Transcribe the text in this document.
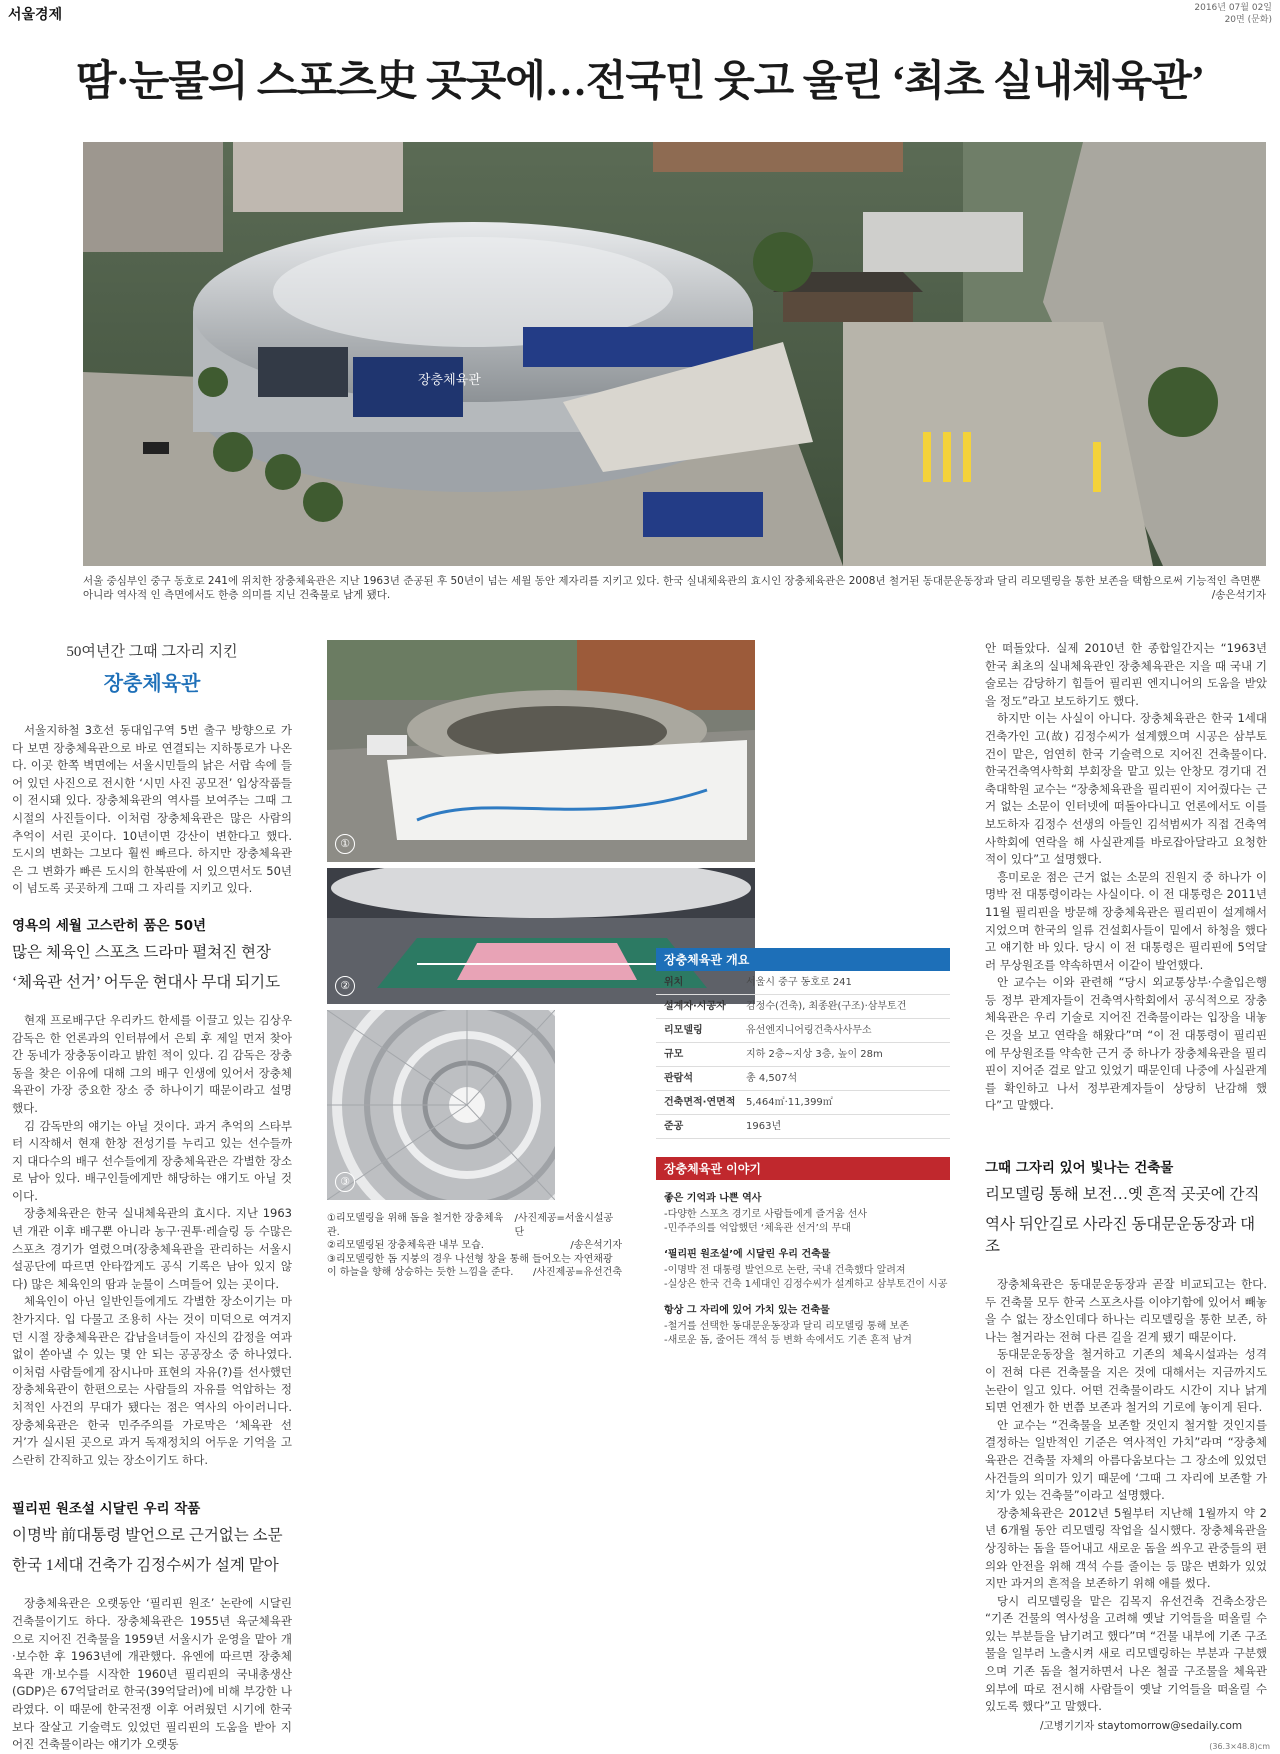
서울경제	2016년 07월 02일
20면 (문화)
땀·눈물의 스포츠史 곳곳에…전국민 웃고 울린 ‘최초 실내체육관’
장충체육관
서울 중심부인 중구 동호로 241에 위치한 장충체육관은 지난 1963년 준공된 후 50년이 넘는 세월 동안 제자리를 지키고 있다. 한국 실내체육관의 효시인 장충체육관은 2008년 철거된 동대문운동장과 달리 리모델링을 통한 보존을 택함으로써 기능적인 측면뿐 아니라 역사적 인 측면에서도 한층 의미를 지닌 건축물로 남게 됐다.	/송은석기자
50여년간 그때 그자리 지킨
장충체육관

서울지하철 3호선 동대입구역 5번 출구 방향으로 가다 보면 장충체육관으로 바로 연결되는 지하통로가 나온다. 이곳 한쪽 벽면에는 서울시민들의 낡은 서랍 속에 들어 있던 사진으로 전시한 ‘시민 사진 공모전’ 입상작품들이 전시돼 있다. 장충체육관의 역사를 보여주는 그때 그 시절의 사진들이다. 이처럼 장충체육관은 많은 사람의 추억이 서린 곳이다. 10년이면 강산이 변한다고 했다. 도시의 변화는 그보다 훨씬 빠르다. 하지만 장충체육관은 그 변화가 빠른 도시의 한복판에 서 있으면서도 50년이 넘도록 곳곳하게 그때 그 자리를 지키고 있다.

영욕의 세월 고스란히 품은 50년
많은 체육인 스포츠 드라마 펼쳐진 현장
‘체육관 선거’ 어두운 현대사 무대 되기도

현재 프로배구단 우리카드 한세를 이끌고 있는 김상우 감독은 한 언론과의 인터뷰에서 은퇴 후 제일 먼저 찾아간 동네가 장충동이라고 밝힌 적이 있다. 김 감독은 장충동을 찾은 이유에 대해 그의 배구 인생에 있어서 장충체육관이 가장 중요한 장소 중 하나이기 때문이라고 설명했다.

김 감독만의 얘기는 아닐 것이다. 과거 추억의 스타부터 시작해서 현재 한창 전성기를 누리고 있는 선수들까지 대다수의 배구 선수들에게 장충체육관은 각별한 장소로 남아 있다. 배구인들에게만 해당하는 얘기도 아닐 것이다.

장충체육관은 한국 실내체육관의 효시다. 지난 1963년 개관 이후 배구뿐 아니라 농구·권투·레슬링 등 수많은 스포츠 경기가 열렸으며(장충체육관을 관리하는 서울시설공단에 따르면 안타깝게도 공식 기록은 남아 있지 않다) 많은 체육인의 땀과 눈물이 스며들어 있는 곳이다.

체육인이 아닌 일반인들에게도 각별한 장소이기는 마찬가지다. 입 다물고 조용히 사는 것이 미덕으로 여겨지던 시절 장충체육관은 갑남을녀들이 자신의 감정을 여과 없이 쏟아낼 수 있는 몇 안 되는 공공장소 중 하나였다. 이처럼 사람들에게 잠시나마 표현의 자유(?)를 선사했던 장충체육관이 한편으로는 사람들의 자유를 억압하는 정치적인 사건의 무대가 됐다는 점은 역사의 아이러니다. 장충체육관은 한국 민주주의를 가로막은 ‘체육관 선거’가 실시된 곳으로 과거 독재정치의 어두운 기억을 고스란히 간직하고 있는 장소이기도 하다.

필리핀 원조설 시달린 우리 작품
이명박 前대통령 발언으로 근거없는 소문
한국 1세대 건축가 김정수씨가 설계 맡아

장충체육관은 오랫동안 ‘필리핀 원조’ 논란에 시달린 건축물이기도 하다. 장충체육관은 1955년 육군체육관으로 지어진 건축물을 1959년 서울시가 운영을 맡아 개·보수한 후 1963년에 개관했다. 유엔에 따르면 장충체육관 개·보수를 시작한 1960년 필리핀의 국내총생산(GDP)은 67억달러로 한국(39억달러)에 비해 부강한 나라였다. 이 때문에 한국전쟁 이후 어려웠던 시기에 한국보다 잘살고 기술력도 있었던 필리핀의 도움을 받아 지어진 건축물이라는 얘기가 오랫동

①
②
③
①리모델링을 위해 돔을 철거한 장충체육관.
/사진제공=서울시설공단
②리모델링된 장충체육관 내부 모습.	/송은석기자
③리모델링한 돔 지붕의 경우 나선형 창을 통해 들어오는 자연채광이 하늘을 향해 상승하는 듯한 느낌을 준다. /사진제공=유선건축
장충체육관 개요
위치	서울시 중구 동호로 241
설계자·시공자	김정수(건축), 최종완(구조)·삼부토건
리모델링	유선엔지니어링건축사사무소
규모	지하 2층~지상 3층, 높이 28m
관람석	총 4,507석
건축면적·연면적	5,464㎡·11,399㎡
준공	1963년
장충체육관 이야기
좋은 기억과 나쁜 역사
-다양한 스포츠 경기로 사람들에게 즐거움 선사
-민주주의를 억압했던 ‘체육관 선거’의 무대
‘필리핀 원조설’에 시달린 우리 건축물
-이명박 전 대통령 발언으로 논란, 국내 건축했다 알려져
-실상은 한국 건축 1세대인 김정수씨가 설계하고 삼부토건이 시공
항상 그 자리에 있어 가치 있는 건축물
-철거를 선택한 동대문운동장과 달리 리모델링 통해 보존
-새로운 돔, 줄어든 객석 등 변화 속에서도 기존 흔적 남겨

안 떠돌았다. 실제 2010년 한 종합일간지는 “1963년 한국 최초의 실내체육관인 장충체육관은 지을 때 국내 기술로는 감당하기 힘들어 필리핀 엔지니어의 도움을 받았을 정도”라고 보도하기도 했다.

하지만 이는 사실이 아니다. 장충체육관은 한국 1세대 건축가인 고(故) 김정수씨가 설계했으며 시공은 삼부토건이 맡은, 엄연히 한국 기술력으로 지어진 건축물이다. 한국건축역사학회 부회장을 맡고 있는 안창모 경기대 건축대학원 교수는 “장충체육관을 필리핀이 지어줬다는 근거 없는 소문이 인터넷에 떠돌아다니고 언론에서도 이를 보도하자 김정수 선생의 아들인 김석범씨가 직접 건축역사학회에 연락을 해 사실관계를 바로잡아달라고 요청한 적이 있다”고 설명했다.

흥미로운 점은 근거 없는 소문의 진원지 중 하나가 이명박 전 대통령이라는 사실이다. 이 전 대통령은 2011년 11월 필리핀을 방문해 장충체육관은 필리핀이 설계해서 지었으며 한국의 일류 건설회사들이 밑에서 하청을 했다고 얘기한 바 있다. 당시 이 전 대통령은 필리핀에 5억달러 무상원조를 약속하면서 이같이 발언했다.

안 교수는 이와 관련해 “당시 외교통상부·수출입은행 등 정부 관계자들이 건축역사학회에서 공식적으로 장충체육관은 우리 기술로 지어진 건축물이라는 입장을 내놓은 것을 보고 연락을 해왔다”며 “이 전 대통령이 필리핀에 무상원조를 약속한 근거 중 하나가 장충체육관을 필리핀이 지어준 걸로 알고 있었기 때문인데 나중에 사실관계를 확인하고 나서 정부관계자들이 상당히 난감해 했다”고 말했다.

그때 그자리 있어 빛나는 건축물
리모델링 통해 보전…옛 흔적 곳곳에 간직
역사 뒤안길로 사라진 동대문운동장과 대조

장충체육관은 동대문운동장과 곧잘 비교되고는 한다. 두 건축물 모두 한국 스포츠사를 이야기함에 있어서 빼놓을 수 없는 장소인데다 하나는 리모델링을 통한 보존, 하나는 철거라는 전혀 다른 길을 걷게 됐기 때문이다.

동대문운동장을 철거하고 기존의 체육시설과는 성격이 전혀 다른 건축물을 지은 것에 대해서는 지금까지도 논란이 일고 있다. 어떤 건축물이라도 시간이 지나 낡게 되면 언젠가 한 번쯤 보존과 철거의 기로에 놓이게 된다.

안 교수는 “건축물을 보존할 것인지 철거할 것인지를 결정하는 일반적인 기준은 역사적인 가치”라며 “장충체육관은 건축물 자체의 아름다움보다는 그 장소에 있었던 사건들의 의미가 있기 때문에 ‘그때 그 자리에 보존할 가치’가 있는 건축물”이라고 설명했다.

장충체육관은 2012년 5월부터 지난해 1월까지 약 2년 6개월 동안 리모델링 작업을 실시했다. 장충체육관을 상징하는 돔을 뜯어내고 새로운 돔을 씌우고 관중들의 편의와 안전을 위해 객석 수를 줄이는 등 많은 변화가 있었지만 과거의 흔적을 보존하기 위해 애를 썼다.

당시 리모델링을 맡은 김목지 유선건축 건축소장은 “기존 건물의 역사성을 고려해 옛날 기억들을 떠올릴 수 있는 부분들을 남기려고 했다”며 “건물 내부에 기존 구조물을 일부러 노출시켜 새로 리모델링하는 부분과 구분했으며 기존 돔을 철거하면서 나온 철골 구조물을 체육관 외부에 따로 전시해 사람들이 옛날 기억들을 떠올릴 수 있도록 했다”고 말했다.

/고병기기자 staytomorrow@sedaily.com
(36.3×48.8)cm
